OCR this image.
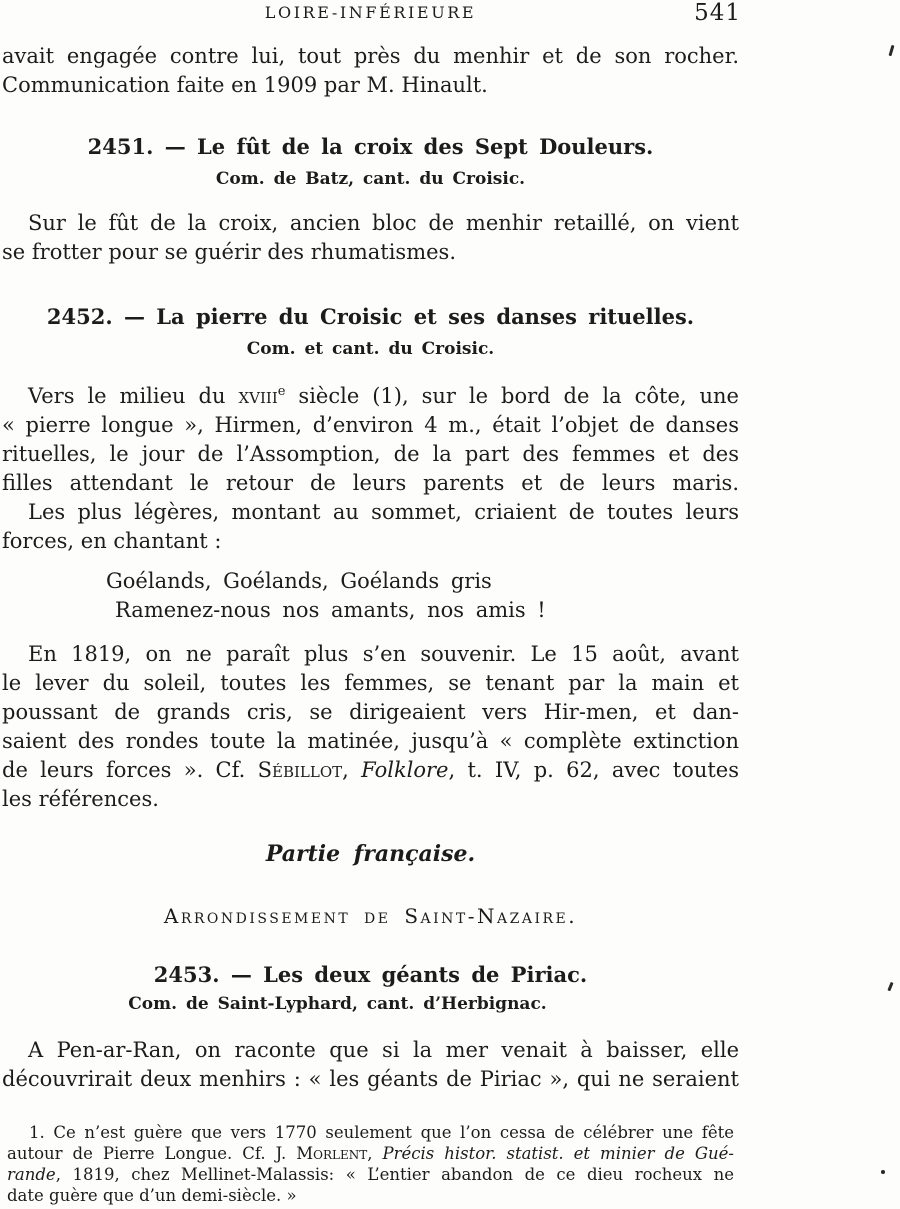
LOIRE-INFÉRIEURE	541
avait engagée contre lui, tout près du menhir et de son rocher.
Communication faite en 1909 par M. Hinault.
2451. — Le fût de la croix des Sept Douleurs.
Com. de Batz, cant. du Croisic.
Sur le fût de la croix, ancien bloc de menhir retaillé, on vient
se frotter pour se guérir des rhumatismes.
2452. — La pierre du Croisic et ses danses rituelles.
Com. et cant. du Croisic.
Vers le milieu du xviii$^e$ siècle (1), sur le bord de la côte, une
« pierre longue », Hirmen, d’environ 4 m., était l’objet de danses
rituelles, le jour de l’Assomption, de la part des femmes et des
filles attendant le retour de leurs parents et de leurs maris.
Les plus légères, montant au sommet, criaient de toutes leurs
forces, en chantant :
Goélands, Goélands, Goélands gris
Ramenez-nous nos amants, nos amis !
En 1819, on ne paraît plus s’en souvenir. Le 15 août, avant
le lever du soleil, toutes les femmes, se tenant par la main et
poussant de grands cris, se dirigeaient vers Hir-men, et dan-
saient des rondes toute la matinée, jusqu’à « complète extinction
de leurs forces ». Cf. Sébillot, Folklore, t. IV, p. 62, avec toutes
les références.
Partie française.
Arrondissement de Saint-Nazaire.
2453. — Les deux géants de Piriac.
Com. de Saint-Lyphard, cant. d’Herbignac.
A Pen-ar-Ran, on raconte que si la mer venait à baisser, elle
découvrirait deux menhirs : « les géants de Piriac », qui ne seraient
1. Ce n’est guère que vers 1770 seulement que l’on cessa de célébrer une fête
autour de Pierre Longue. Cf. J. Morlent, Précis histor. statist. et minier de Gué-
rande, 1819, chez Mellinet-Malassis: « L’entier abandon de ce dieu rocheux ne
date guère que d’un demi-siècle. »
